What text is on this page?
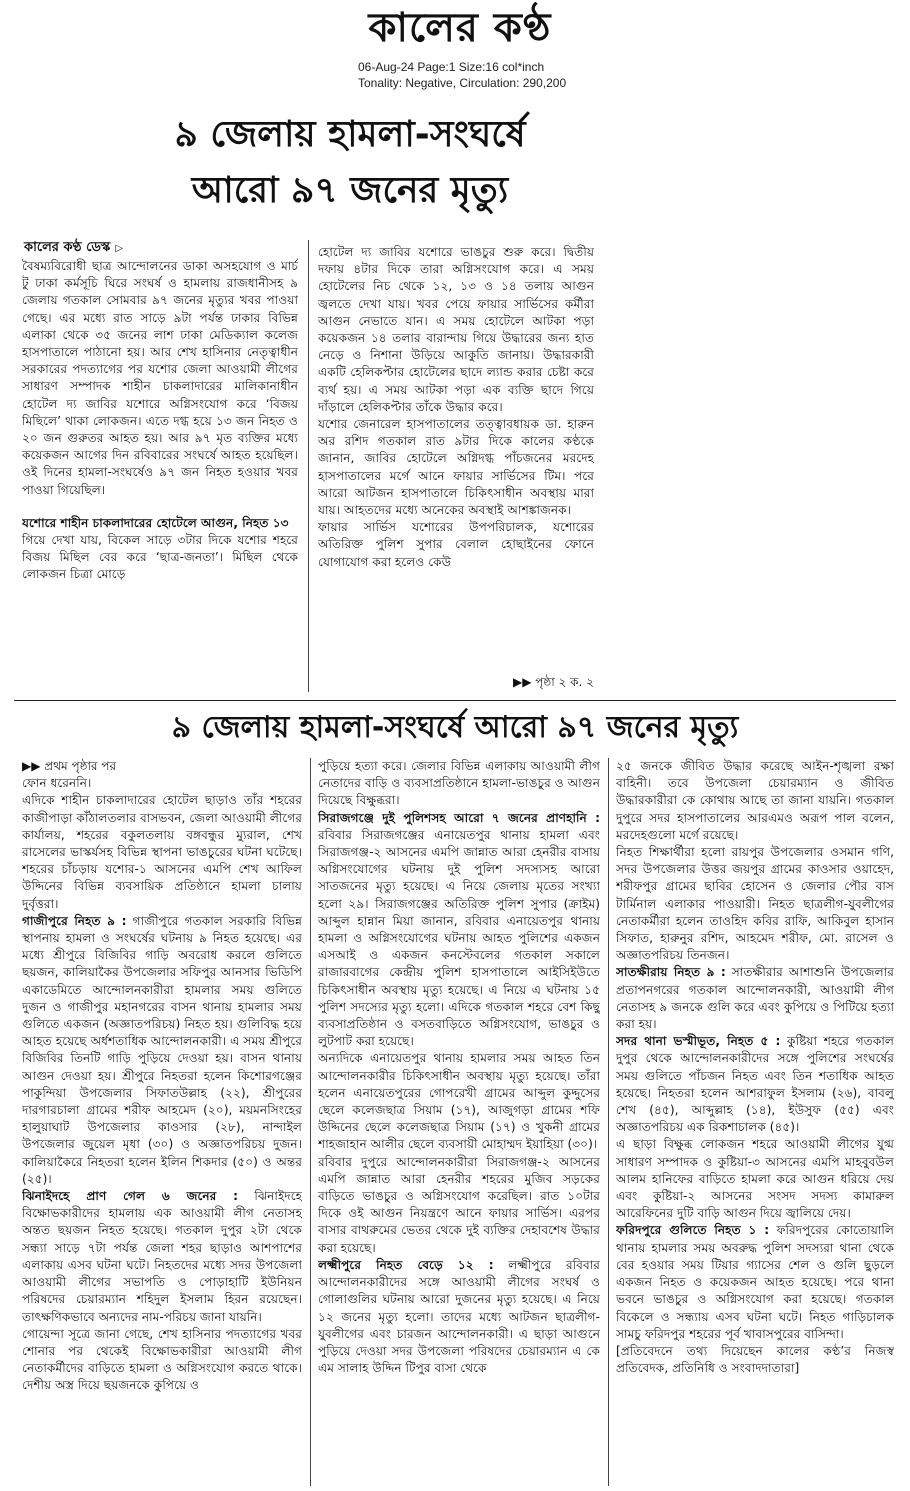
কালের কণ্ঠ
06-Aug-24 Page:1 Size:16 col*inch
Tonality: Negative, Circulation: 290,200
৯ জেলায় হামলা-সংঘর্ষে
আরো ৯৭ জনের মৃত্যু
কালের কণ্ঠ ডেস্ক ▷

বৈষম্যবিরোধী ছাত্র আন্দোলনের ডাকা অসহযোগ ও মার্চ টু ঢাকা কর্মসূচি ঘিরে সংঘর্ষ ও হামলায় রাজধানীসহ ৯ জেলায় গতকাল সোমবার ৯৭ জনের মৃত্যুর খবর পাওয়া গেছে। এর মধ্যে রাত সাড়ে ৯টা পর্যন্ত ঢাকার বিভিন্ন এলাকা থেকে ৩৫ জনের লাশ ঢাকা মেডিক্যাল কলেজ হাসপাতালে পাঠানো হয়। আর শেখ হাসিনার নেতৃত্বাধীন সরকারের পদত্যাগের পর যশোর জেলা আওয়ামী লীগের সাধারণ সম্পাদক শাহীন চাকলাদারের মালিকানাধীন হোটেল দ্য জাবির যশোরে অগ্নিসংযোগ করে ‘বিজয় মিছিলে’ থাকা লোকজন। এতে দগ্ধ হয়ে ১৩ জন নিহত ও ২০ জন গুরুতর আহত হয়। আর ৯৭ মৃত ব্যক্তির মধ্যে কয়েকজন আগের দিন রবিবারের সংঘর্ষে আহত হয়েছিল। ওই দিনের হামলা-সংঘর্ষেও ৯৭ জন নিহত হওয়ার খবর পাওয়া গিয়েছিল।

যশোরে শাহীন চাকলাদারের হোটেলে আগুন, নিহত ১৩

গিয়ে দেখা যায়, বিকেল সাড়ে ৩টার দিকে যশোর শহরে বিজয় মিছিল বের করে ‘ছাত্র-জনতা’। মিছিল থেকে লোকজন চিত্রা মোড়ে

হোটেল দ্য জাবির যশোরে ভাঙচুর শুরু করে। দ্বিতীয় দফায় ৪টার দিকে তারা অগ্নিসংযোগ করে। এ সময় হোটেলের নিচ থেকে ১২, ১৩ ও ১৪ তলায় আগুন জ্বলতে দেখা যায়। খবর পেয়ে ফায়ার সার্ভিসের কর্মীরা আগুন নেভাতে যান। এ সময় হোটেলে আটকা পড়া কয়েকজন ১৪ তলার বারান্দায় গিয়ে উদ্ধারের জন্য হাত নেড়ে ও নিশানা উড়িয়ে আকুতি জানায়। উদ্ধারকারী একটি হেলিকপ্টার হোটেলের ছাদে ল্যান্ড করার চেষ্টা করে ব্যর্থ হয়। এ সময় আটকা পড়া এক ব্যক্তি ছাদে গিয়ে দাঁড়ালে হেলিকপ্টার তাঁকে উদ্ধার করে।

যশোর জেনারেল হাসপাতালের তত্ত্বাবধায়ক ডা. হারুন অর রশিদ গতকাল রাত ৯টার দিকে কালের কণ্ঠকে জানান, জাবির হোটেলে অগ্নিদগ্ধ পাঁচজনের মরদেহ হাসপাতালের মর্গে আনে ফায়ার সার্ভিসের টিম। পরে আরো আটজন হাসপাতালে চিকিৎসাধীন অবস্থায় মারা যায়। আহতদের মধ্যে অনেকের অবস্থাই আশঙ্কাজনক।

ফায়ার সার্ভিস যশোরের উপপরিচালক, যশোরের অতিরিক্ত পুলিশ সুপার বেলাল হোছাইনের ফোনে যোগাযোগ করা হলেও কেউ

▶▶ পৃষ্ঠা ২ ক. ২
৯ জেলায় হামলা-সংঘর্ষে আরো ৯৭ জনের মৃত্যু

▶▶ প্রথম পৃষ্ঠার পর

ফোন ধরেননি।

এদিকে শাহীন চাকলাদারের হোটেল ছাড়াও তাঁর শহরের কাজীপাড়া কাঁঠালতলার বাসভবন, জেলা আওয়ামী লীগের কার্যালয়, শহরের বকুলতলায় বঙ্গবন্ধুর ম্যুরাল, শেখ রাসেলের ভাস্কর্যসহ বিভিন্ন স্থাপনা ভাঙচুরের ঘটনা ঘটেছে। শহরের চাঁচড়ায় যশোর-১ আসনের এমপি শেখ আফিল উদ্দিনের বিভিন্ন ব্যবসায়িক প্রতিষ্ঠানে হামলা চালায় দুর্বৃত্তরা।

গাজীপুরে নিহত ৯ : গাজীপুরে গতকাল সরকারি বিভিন্ন স্থাপনায় হামলা ও সংঘর্ষের ঘটনায় ৯ নিহত হয়েছে। এর মধ্যে শ্রীপুরে বিজিবির গাড়ি অবরোধ করলে গুলিতে ছয়জন, কালিয়াকৈর উপজেলার সফিপুর আনসার ভিডিপি একাডেমিতে আন্দোলনকারীরা হামলার সময় গুলিতে দুজন ও গাজীপুর মহানগরের বাসন থানায় হামলার সময় গুলিতে একজন (অজ্ঞাতপরিচয়) নিহত হয়। গুলিবিদ্ধ হয়ে আহত হয়েছে অর্ধশতাধিক আন্দোলনকারী। এ সময় শ্রীপুরে বিজিবির তিনটি গাড়ি পুড়িয়ে দেওয়া হয়। বাসন থানায় আগুন দেওয়া হয়। শ্রীপুরে নিহতরা হলেন কিশোরগঞ্জের পাকুন্দিয়া উপজেলার সিফাতউল্লাহ (২২), শ্রীপুরের দারগারচালা গ্রামের শরীফ আহমেদ (২০), ময়মনসিংহের হালুয়াঘাট উপজেলার কাওসার (২৮), নান্দাইল উপজেলার জুয়েল মৃধা (৩০) ও অজ্ঞাতপরিচয় দুজন। কালিয়াকৈরে নিহতরা হলেন ইলিন শিকদার (৫০) ও অন্তর (২৫)।

ঝিনাইদহে প্রাণ গেল ৬ জনের : ঝিনাইদহে বিক্ষোভকারীদের হামলায় এক আওয়ামী লীগ নেতাসহ অন্তত ছয়জন নিহত হয়েছে। গতকাল দুপুর ২টা থেকে সন্ধ্যা সাড়ে ৭টা পর্যন্ত জেলা শহর ছাড়াও আশপাশের এলাকায় এসব ঘটনা ঘটে। নিহতদের মধ্যে সদর উপজেলা আওয়ামী লীগের সভাপতি ও পোড়াহাটি ইউনিয়ন পরিষদের চেয়ারম্যান শহিদুল ইসলাম হিরন রয়েছেন। তাৎক্ষণিকভাবে অন্যদের নাম-পরিচয় জানা যায়নি।

গোয়েন্দা সূত্রে জানা গেছে, শেখ হাসিনার পদত্যাগের খবর শোনার পর থেকেই বিক্ষোভকারীরা আওয়ামী লীগ নেতাকর্মীদের বাড়িতে হামলা ও অগ্নিসংযোগ করতে থাকে। দেশীয় অস্ত্র দিয়ে ছয়জনকে কুপিয়ে ও

পুড়িয়ে হত্যা করে। জেলার বিভিন্ন এলাকায় আওয়ামী লীগ নেতাদের বাড়ি ও ব্যবসাপ্রতিষ্ঠানে হামলা-ভাঙচুর ও আগুন দিয়েছে বিক্ষুব্ধরা।

সিরাজগঞ্জে দুই পুলিশসহ আরো ৭ জনের প্রাণহানি : রবিবার সিরাজগঞ্জের এনায়েতপুর থানায় হামলা এবং সিরাজগঞ্জ-২ আসনের এমপি জান্নাত আরা হেনরীর বাসায় অগ্নিসংযোগের ঘটনায় দুই পুলিশ সদস্যসহ আরো সাতজনের মৃত্যু হয়েছে। এ নিয়ে জেলায় মৃতের সংখ্যা হলো ২৯। সিরাজগঞ্জের অতিরিক্ত পুলিশ সুপার (ক্রাইম) আব্দুল হান্নান মিয়া জানান, রবিবার এনায়েতপুর থানায় হামলা ও অগ্নিসংযোগের ঘটনায় আহত পুলিশের একজন এসআই ও একজন কনস্টেবলের গতকাল সকালে রাজারবাগের কেন্দ্রীয় পুলিশ হাসপাতালে আইসিইউতে চিকিৎসাধীন অবস্থায় মৃত্যু হয়েছে। এ নিয়ে এ ঘটনায় ১৫ পুলিশ সদস্যের মৃত্যু হলো। এদিকে গতকাল শহরে বেশ কিছু ব্যবসাপ্রতিষ্ঠান ও বসতবাড়িতে অগ্নিসংযোগ, ভাঙচুর ও লুটপাট করা হয়েছে।

অন্যদিকে এনায়েতপুর থানায় হামলার সময় আহত তিন আন্দোলনকারীর চিকিৎসাধীন অবস্থায় মৃত্যু হয়েছে। তাঁরা হলেন এনায়েতপুরের গোপরেখী গ্রামের আব্দুল কুদ্দুসের ছেলে কলেজছাত্র সিয়াম (১৭), আজুগড়া গ্রামের শফি উদ্দিনের ছেলে কলেজছাত্র সিয়াম (১৭) ও খুকনী গ্রামের শাহজাহান আলীর ছেলে ব্যবসায়ী মোহাম্মদ ইয়াহিয়া (৩০)।

রবিবার দুপুরে আন্দোলনকারীরা সিরাজগঞ্জ-২ আসনের এমপি জান্নাত আরা হেনরীর শহরের মুজিব সড়কের বাড়িতে ভাঙচুর ও অগ্নিসংযোগ করেছিল। রাত ১০টার দিকে ওই আগুন নিয়ন্ত্রণে আনে ফায়ার সার্ভিস। এরপর বাসার বাথরুমের ভেতর থেকে দুই ব্যক্তির দেহাবশেষ উদ্ধার করা হয়েছে।

লক্ষ্মীপুরে নিহত বেড়ে ১২ : লক্ষ্মীপুরে রবিবার আন্দোলনকারীদের সঙ্গে আওয়ামী লীগের সংঘর্ষ ও গোলাগুলির ঘটনায় আরো দুজনের মৃত্যু হয়েছে। এ নিয়ে ১২ জনের মৃত্যু হলো। তাদের মধ্যে আটজন ছাত্রলীগ-যুবলীগের এবং চারজন আন্দোলনকারী। এ ছাড়া আগুনে পুড়িয়ে দেওয়া সদর উপজেলা পরিষদের চেয়ারম্যান এ কে এম সালাহ উদ্দিন টিপুর বাসা থেকে

২৫ জনকে জীবিত উদ্ধার করেছে আইন-শৃঙ্খলা রক্ষা বাহিনী। তবে উপজেলা চেয়ারম্যান ও জীবিত উদ্ধারকারীরা কে কোথায় আছে তা জানা যায়নি। গতকাল দুপুরে সদর হাসপাতালের আরএমও অরূপ পাল বলেন, মরদেহগুলো মর্গে রয়েছে।

নিহত শিক্ষার্থীরা হলো রায়পুর উপজেলার ওসমান গণি, সদর উপজেলার উত্তর জয়পুর গ্রামের কাওসার ওয়াহেদ, শরীফপুর গ্রামের ছাবির হোসেন ও জেলার পৌর বাস টার্মিনাল এলাকার পাওয়ারী। নিহত ছাত্রলীগ-যুবলীগের নেতাকর্মীরা হলেন তাওহিদ কবির রাফি, আকিবুল হাসান সিফাত, হারুনুর রশিদ, আহমেদ শরীফ, মো. রাসেল ও অজ্ঞাতপরিচয় তিনজন।

সাতক্ষীরায় নিহত ৯ : সাতক্ষীরার আশাশুনি উপজেলার প্রতাপনগরের গতকাল আন্দোলনকারী, আওয়ামী লীগ নেতাসহ ৯ জনকে গুলি করে এবং কুপিয়ে ও পিটিয়ে হত্যা করা হয়।

সদর থানা ভস্মীভূত, নিহত ৫ : কুষ্টিয়া শহরে গতকাল দুপুর থেকে আন্দোলনকারীদের সঙ্গে পুলিশের সংঘর্ষের সময় গুলিতে পাঁচজন নিহত এবং তিন শতাধিক আহত হয়েছে। নিহতরা হলেন আশরাফুল ইসলাম (২৬), বাবলু শেখ (৪৫), আব্দুল্লাহ (১৪), ইউসুফ (৫৫) এবং অজ্ঞাতপরিচয় এক রিকশাচালক (৪৫)।

এ ছাড়া বিক্ষুব্ধ লোকজন শহরে আওয়ামী লীগের যুগ্ম সাধারণ সম্পাদক ও কুষ্টিয়া-৩ আসনের এমপি মাহবুবউল আলম হানিফের বাড়িতে হামলা করে আগুন ধরিয়ে দেয় এবং কুষ্টিয়া-২ আসনের সংসদ সদস্য কামারুল আরেফিনের দুটি বাড়ি আগুন দিয়ে জ্বালিয়ে দেয়।

ফরিদপুরে গুলিতে নিহত ১ : ফরিদপুরের কোতোয়ালি থানায় হামলার সময় অবরুদ্ধ পুলিশ সদস্যরা থানা থেকে বের হওয়ার সময় টিয়ার গ্যাসের শেল ও গুলি ছুড়লে একজন নিহত ও কয়েকজন আহত হয়েছে। পরে থানা ভবনে ভাঙচুর ও অগ্নিসংযোগ করা হয়েছে। গতকাল বিকেলে ও সন্ধ্যায় এসব ঘটনা ঘটে। নিহত গাড়িচালক সামচু ফরিদপুর শহরের পূর্ব খাবাসপুরের বাসিন্দা।

[প্রতিবেদনে তথ্য দিয়েছেন কালের কণ্ঠ’র নিজস্ব প্রতিবেদক, প্রতিনিধি ও সংবাদদাতারা]
